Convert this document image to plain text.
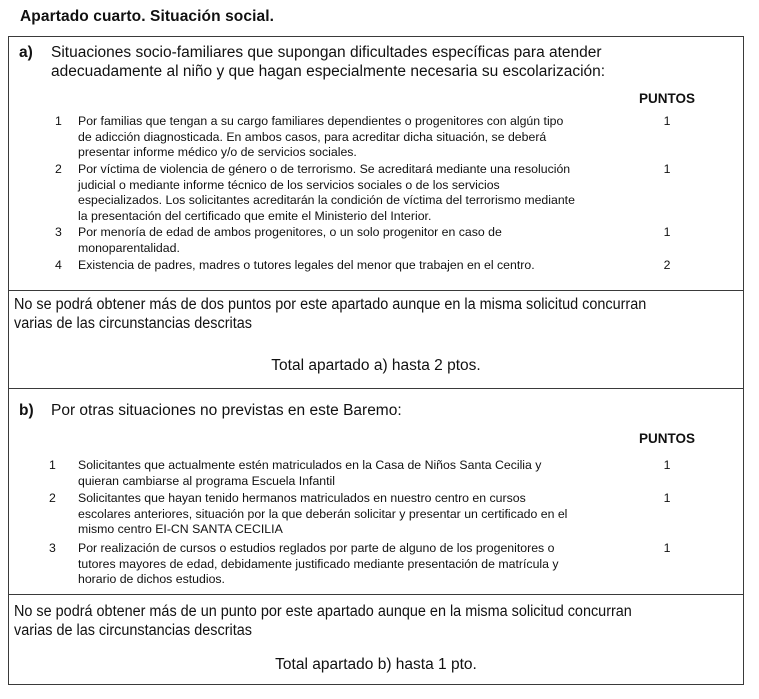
Apartado cuarto. Situación social.
a) Situaciones socio-familiares que supongan dificultades específicas para atender
adecuadamente al niño y que hagan especialmente necesaria su escolarización:
PUNTOS
1 Por familias que tengan a su cargo familiares dependientes o progenitores con algún tipo
de adicción diagnosticada. En ambos casos, para acreditar dicha situación, se deberá
presentar informe médico y/o de servicios sociales.
1
2 Por víctima de violencia de género o de terrorismo. Se acreditará mediante una resolución
judicial o mediante informe técnico de los servicios sociales o de los servicios
especializados. Los solicitantes acreditarán la condición de víctima del terrorismo mediante
la presentación del certificado que emite el Ministerio del Interior.
1
3 Por menoría de edad de ambos progenitores, o un solo progenitor en caso de
monoparentalidad.
1
4 Existencia de padres, madres o tutores legales del menor que trabajen en el centro.	2
No se podrá obtener más de dos puntos por este apartado aunque en la misma solicitud concurran
varias de las circunstancias descritas
Total apartado a) hasta 2 ptos.
b) Por otras situaciones no previstas en este Baremo:
PUNTOS
1 Solicitantes que actualmente estén matriculados en la Casa de Niños Santa Cecilia y
quieran cambiarse al programa Escuela Infantil
1
2 Solicitantes que hayan tenido hermanos matriculados en nuestro centro en cursos
escolares anteriores, situación por la que deberán solicitar y presentar un certificado en el
mismo centro EI-CN SANTA CECILIA
1
3 Por realización de cursos o estudios reglados por parte de alguno de los progenitores o
tutores mayores de edad, debidamente justificado mediante presentación de matrícula y
horario de dichos estudios.
1
No se podrá obtener más de un punto por este apartado aunque en la misma solicitud concurran
varias de las circunstancias descritas
Total apartado b) hasta 1 pto.
